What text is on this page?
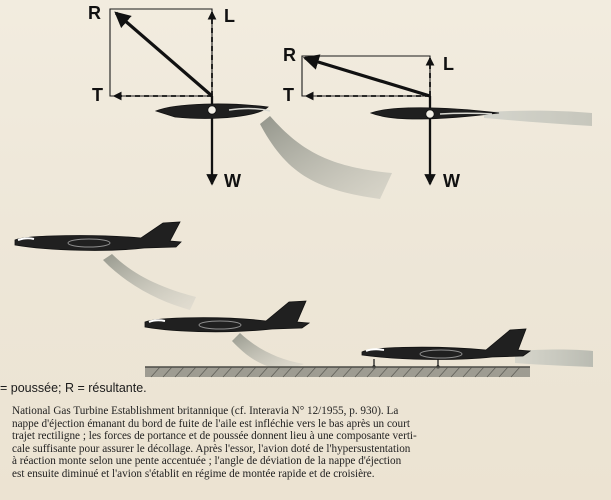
R	L
T
W
R	L
T
W
= poussée; R = résultante.
National Gas Turbine Establishment britannique (cf. Interavia N° 12/1955, p. 930). La
nappe d'éjection émanant du bord de fuite de l'aile est infléchie vers le bas après un court
trajet rectiligne ; les forces de portance et de poussée donnent lieu à une composante verti-
cale suffisante pour assurer le décollage. Après l'essor, l'avion doté de l'hypersustentation
à réaction monte selon une pente accentuée ; l'angle de déviation de la nappe d'éjection
est ensuite diminué et l'avion s'établit en régime de montée rapide et de croisière.
